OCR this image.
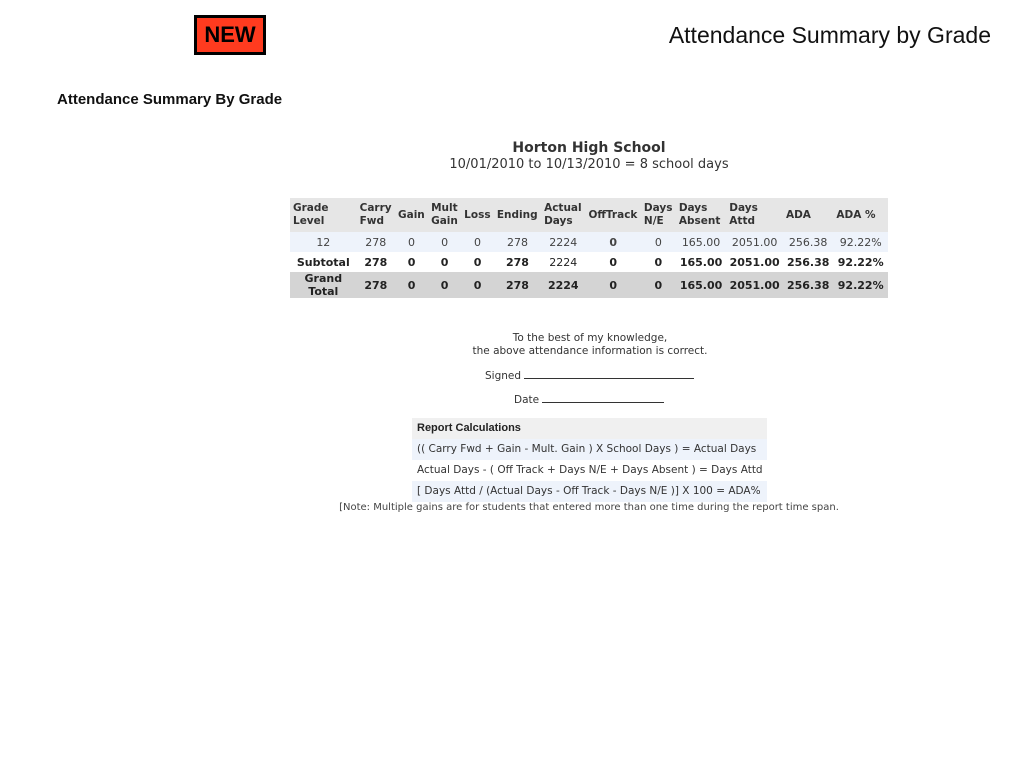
NEW	Attendance Summary by Grade
Attendance Summary By Grade
Horton High School
10/01/2010 to 10/13/2010 = 8 school days
Grade Level	Carry Fwd	Gain	Mult Gain	Loss	Ending	Actual Days	OffTrack	Days N/E	Days Absent	Days Attd	ADA	ADA %
12	278	0	0	0	278	2224	0	0	165.00	2051.00	256.38	92.22%
Subtotal	278	0	0	0	278	2224	0	0	165.00	2051.00	256.38	92.22%
Grand Total	278	0	0	0	278	2224	0	0	165.00	2051.00	256.38	92.22%
To the best of my knowledge,
the above attendance information is correct.
Signed
Date
Report Calculations
(( Carry Fwd + Gain - Mult. Gain ) X School Days ) = Actual Days
Actual Days - ( Off Track + Days N/E + Days Absent ) = Days Attd
[ Days Attd / (Actual Days - Off Track - Days N/E )] X 100 = ADA%
[Note: Multiple gains are for students that entered more than one time during the report time span.
